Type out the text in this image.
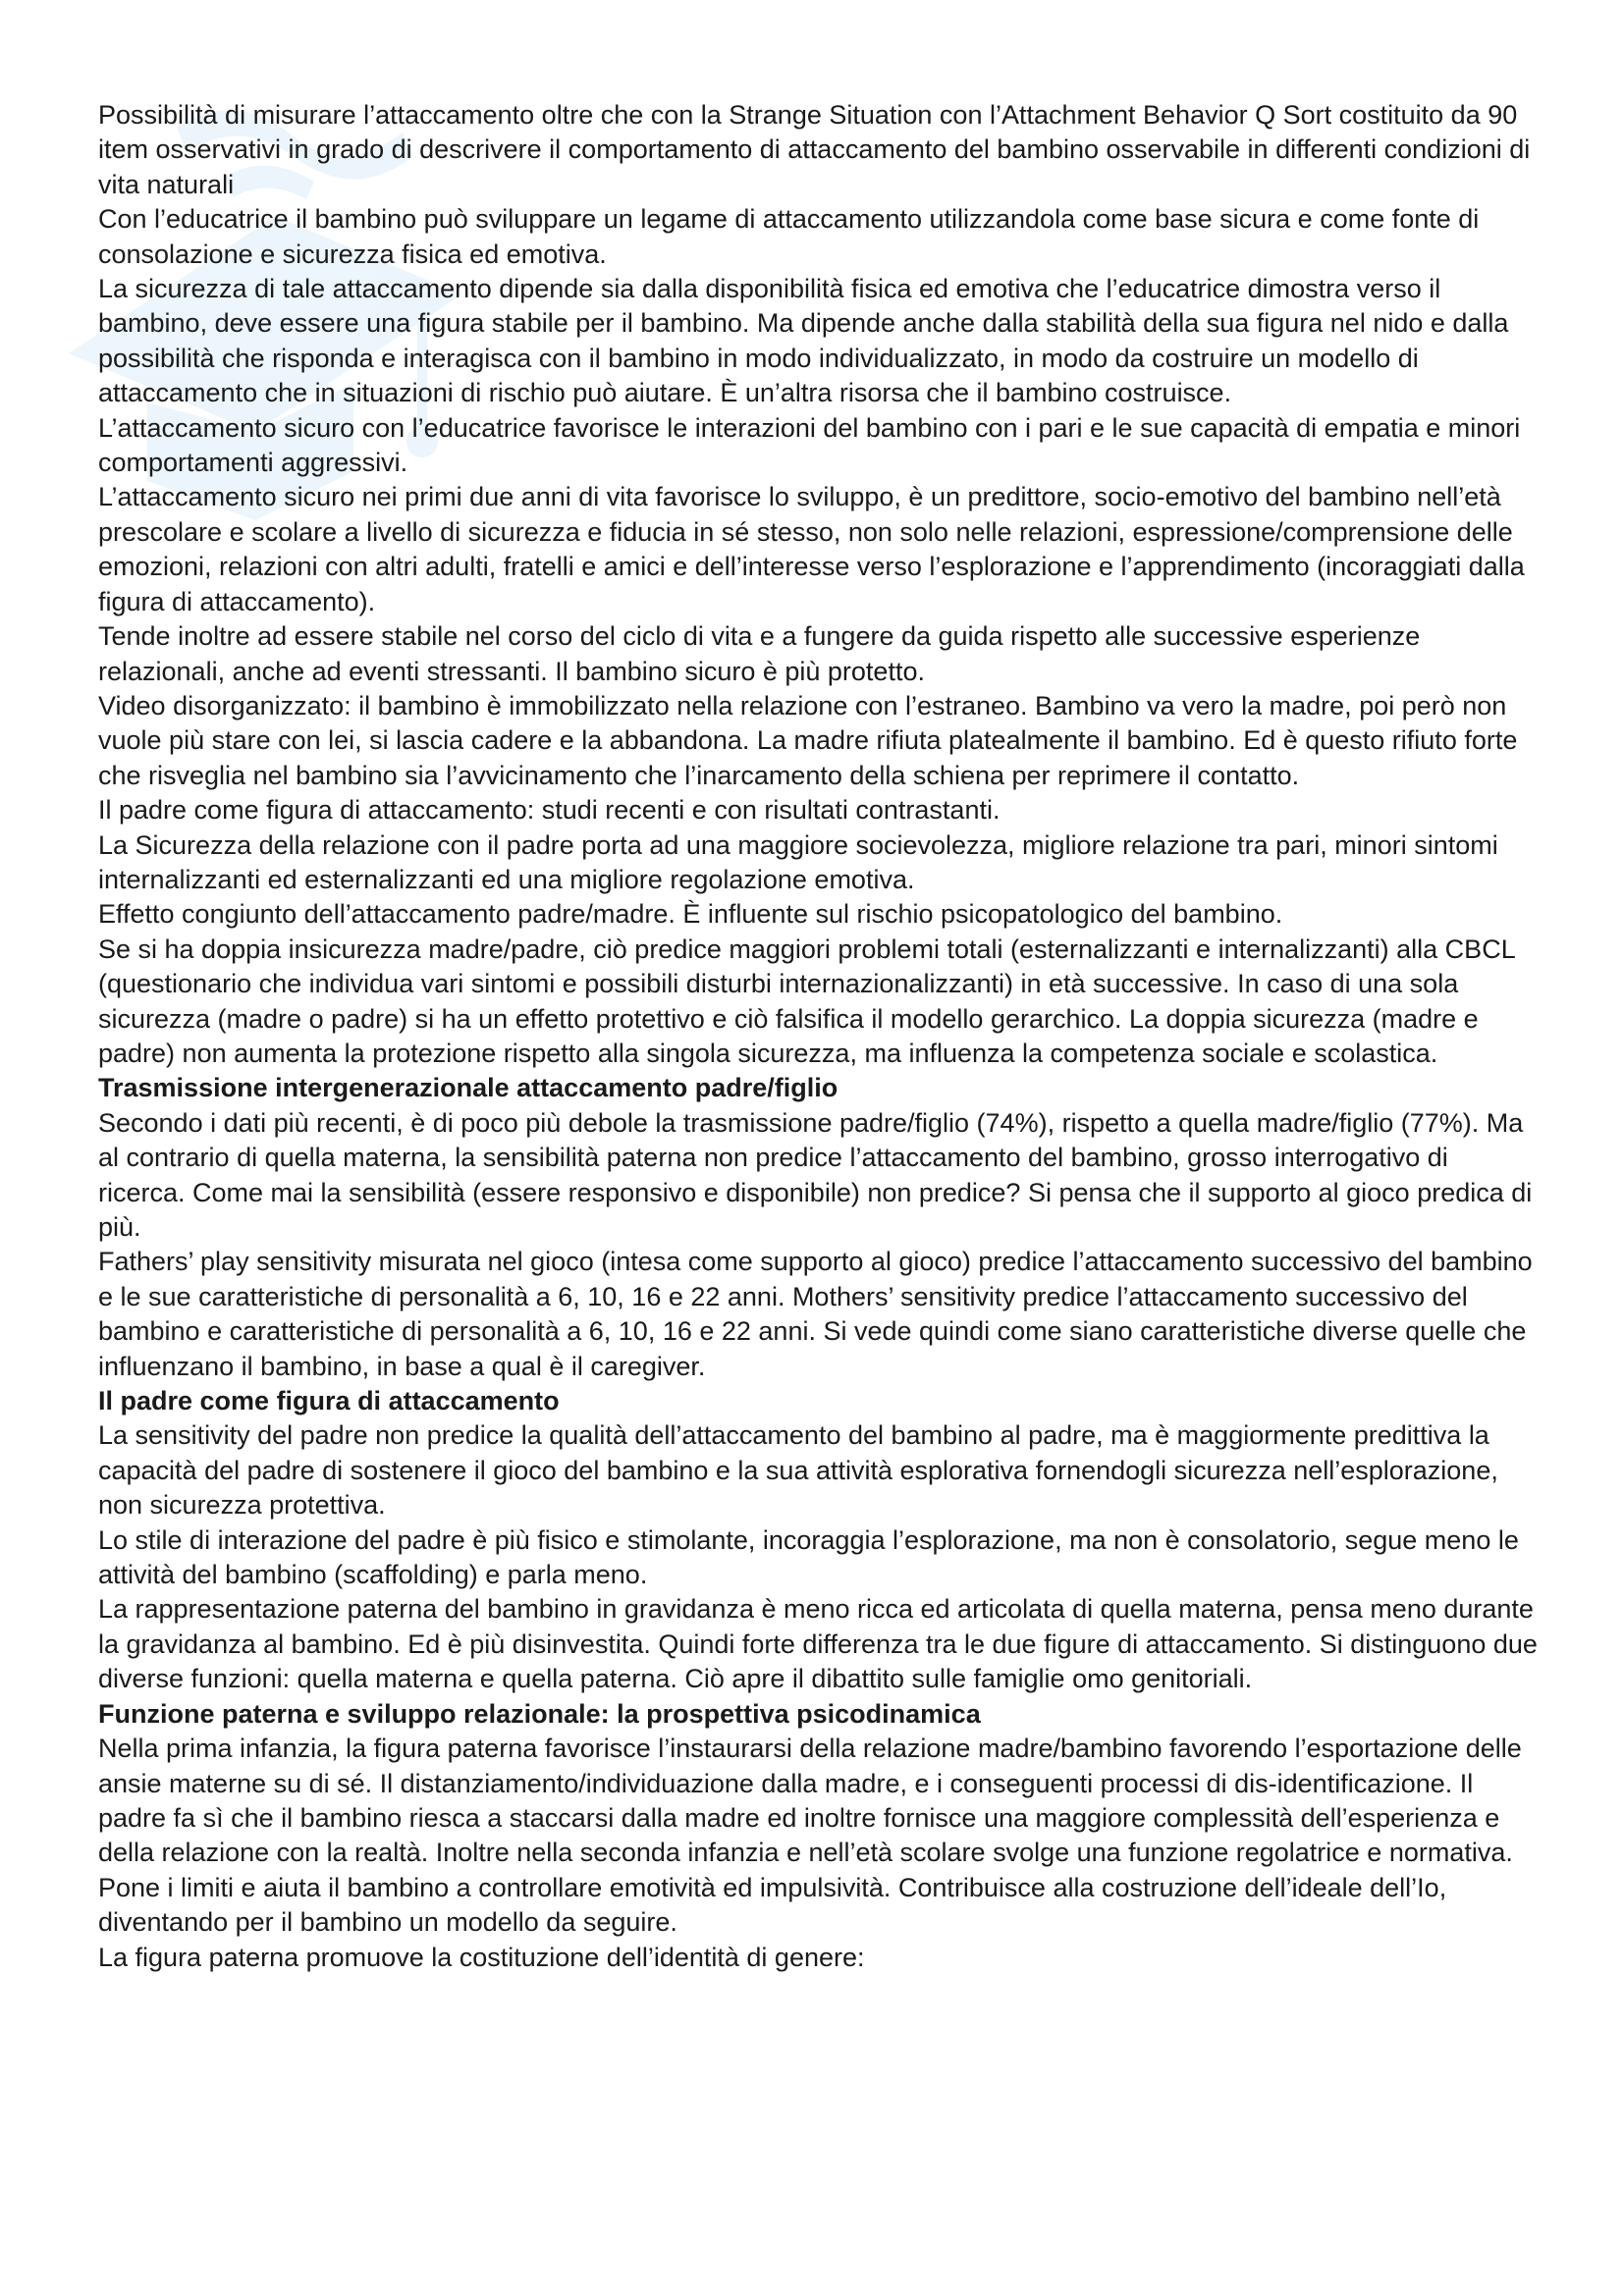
Possibilità di misurare l’attaccamento oltre che con la Strange Situation con l’Attachment Behavior Q Sort costituito da 90 item osservativi in grado di descrivere il comportamento di attaccamento del bambino osservabile in differenti condizioni di vita naturali

Con l’educatrice il bambino può sviluppare un legame di attaccamento utilizzandola come base sicura e come fonte di consolazione e sicurezza fisica ed emotiva.

La sicurezza di tale attaccamento dipende sia dalla disponibilità fisica ed emotiva che l’educatrice dimostra verso il bambino, deve essere una figura stabile per il bambino. Ma dipende anche dalla stabilità della sua figura nel nido e dalla possibilità che risponda e interagisca con il bambino in modo individualizzato, in modo da costruire un modello di attaccamento che in situazioni di rischio può aiutare. È un’altra risorsa che il bambino costruisce.

L’attaccamento sicuro con l’educatrice favorisce le interazioni del bambino con i pari e le sue capacità di empatia e minori comportamenti aggressivi.

L’attaccamento sicuro nei primi due anni di vita favorisce lo sviluppo, è un predittore, socio-emotivo del bambino nell’età prescolare e scolare a livello di sicurezza e fiducia in sé stesso, non solo nelle relazioni, espressione/comprensione delle emozioni, relazioni con altri adulti, fratelli e amici e dell’interesse verso l’esplorazione e l’apprendimento (incoraggiati dalla figura di attaccamento).

Tende inoltre ad essere stabile nel corso del ciclo di vita e a fungere da guida rispetto alle successive esperienze relazionali, anche ad eventi stressanti. Il bambino sicuro è più protetto.

Video disorganizzato: il bambino è immobilizzato nella relazione con l’estraneo. Bambino va vero la madre, poi però non vuole più stare con lei, si lascia cadere e la abbandona. La madre rifiuta platealmente il bambino. Ed è questo rifiuto forte che risveglia nel bambino sia l’avvicinamento che l’inarcamento della schiena per reprimere il contatto.

Il padre come figura di attaccamento: studi recenti e con risultati contrastanti.

La Sicurezza della relazione con il padre porta ad una maggiore socievolezza, migliore relazione tra pari, minori sintomi internalizzanti ed esternalizzanti ed una migliore regolazione emotiva.

Effetto congiunto dell’attaccamento padre/madre. È influente sul rischio psicopatologico del bambino.

Se si ha doppia insicurezza madre/padre, ciò predice maggiori problemi totali (esternalizzanti e internalizzanti) alla CBCL (questionario che individua vari sintomi e possibili disturbi internazionalizzanti) in età successive. In caso di una sola sicurezza (madre o padre) si ha un effetto protettivo e ciò falsifica il modello gerarchico. La doppia sicurezza (madre e padre) non aumenta la protezione rispetto alla singola sicurezza, ma influenza la competenza sociale e scolastica.

Trasmissione intergenerazionale attaccamento padre/figlio

Secondo i dati più recenti, è di poco più debole la trasmissione padre/figlio (74%), rispetto a quella madre/figlio (77%). Ma al contrario di quella materna, la sensibilità paterna non predice l’attaccamento del bambino, grosso interrogativo di ricerca. Come mai la sensibilità (essere responsivo e disponibile) non predice? Si pensa che il supporto al gioco predica di più.

Fathers’ play sensitivity misurata nel gioco (intesa come supporto al gioco) predice l’attaccamento successivo del bambino e le sue caratteristiche di personalità a 6, 10, 16 e 22 anni. Mothers’ sensitivity predice l’attaccamento successivo del bambino e caratteristiche di personalità a 6, 10, 16 e 22 anni. Si vede quindi come siano caratteristiche diverse quelle che influenzano il bambino, in base a qual è il caregiver.

Il padre come figura di attaccamento

La sensitivity del padre non predice la qualità dell’attaccamento del bambino al padre, ma è maggiormente predittiva la capacità del padre di sostenere il gioco del bambino e la sua attività esplorativa fornendogli sicurezza nell’esplorazione, non sicurezza protettiva.

Lo stile di interazione del padre è più fisico e stimolante, incoraggia l’esplorazione, ma non è consolatorio, segue meno le attività del bambino (scaffolding) e parla meno.

La rappresentazione paterna del bambino in gravidanza è meno ricca ed articolata di quella materna, pensa meno durante la gravidanza al bambino. Ed è più disinvestita. Quindi forte differenza tra le due figure di attaccamento. Si distinguono due diverse funzioni: quella materna e quella paterna. Ciò apre il dibattito sulle famiglie omo genitoriali.

Funzione paterna e sviluppo relazionale: la prospettiva psicodinamica

Nella prima infanzia, la figura paterna favorisce l’instaurarsi della relazione madre/bambino favorendo l’esportazione delle ansie materne su di sé. Il distanziamento/individuazione dalla madre, e i conseguenti processi di dis-identificazione. Il padre fa sì che il bambino riesca a staccarsi dalla madre ed inoltre fornisce una maggiore complessità dell’esperienza e della relazione con la realtà. Inoltre nella seconda infanzia e nell’età scolare svolge una funzione regolatrice e normativa. Pone i limiti e aiuta il bambino a controllare emotività ed impulsività. Contribuisce alla costruzione dell’ideale dell’Io, diventando per il bambino un modello da seguire.

La figura paterna promuove la costituzione dell’identità di genere:
